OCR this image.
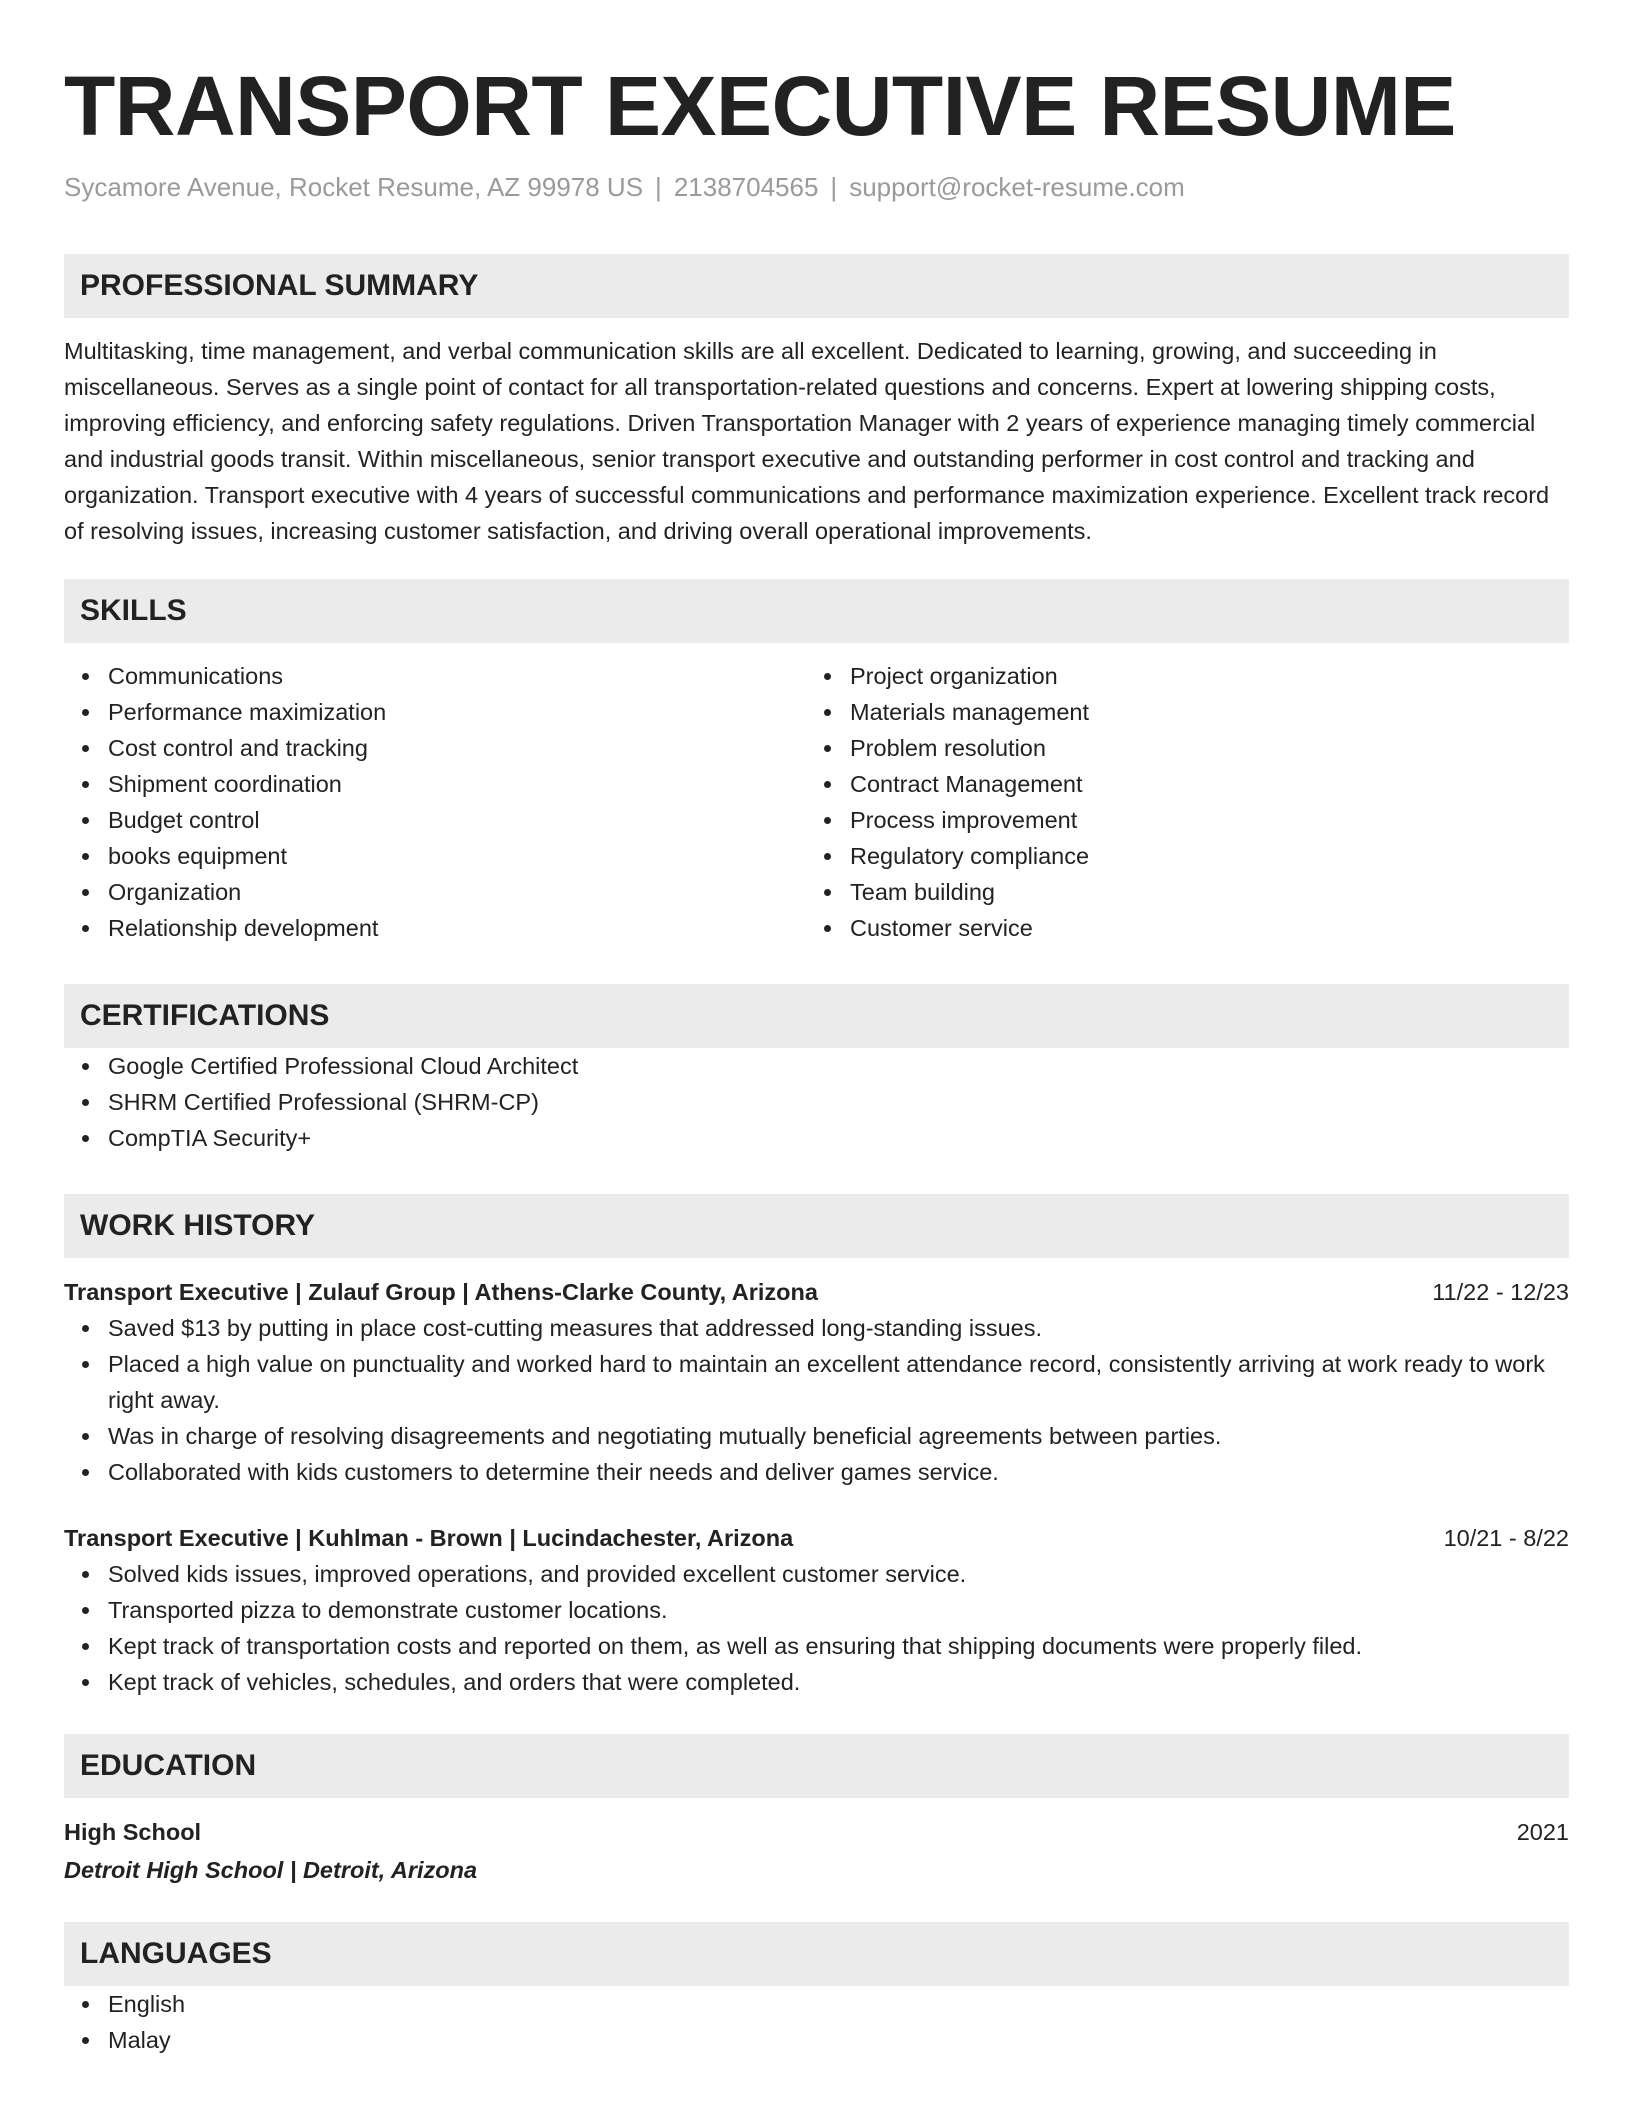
TRANSPORT EXECUTIVE RESUME
Sycamore Avenue, Rocket Resume, AZ 99978 US | 2138704565 | support@rocket-resume.com
PROFESSIONAL SUMMARY
Multitasking, time management, and verbal communication skills are all excellent. Dedicated to learning, growing, and succeeding in miscellaneous. Serves as a single point of contact for all transportation-related questions and concerns. Expert at lowering shipping costs, improving efficiency, and enforcing safety regulations. Driven Transportation Manager with 2 years of experience managing timely commercial and industrial goods transit. Within miscellaneous, senior transport executive and outstanding performer in cost control and tracking and organization. Transport executive with 4 years of successful communications and performance maximization experience. Excellent track record of resolving issues, increasing customer satisfaction, and driving overall operational improvements.
SKILLS
Communications
Performance maximization
Cost control and tracking
Shipment coordination
Budget control
books equipment
Organization
Relationship development
Project organization
Materials management
Problem resolution
Contract Management
Process improvement
Regulatory compliance
Team building
Customer service
CERTIFICATIONS
Google Certified Professional Cloud Architect
SHRM Certified Professional (SHRM-CP)
CompTIA Security+
WORK HISTORY
Transport Executive | Zulauf Group | Athens-Clarke County, Arizona	11/22 - 12/23
Saved $13 by putting in place cost-cutting measures that addressed long-standing issues.
Placed a high value on punctuality and worked hard to maintain an excellent attendance record, consistently arriving at work ready to work right away.
Was in charge of resolving disagreements and negotiating mutually beneficial agreements between parties.
Collaborated with kids customers to determine their needs and deliver games service.
Transport Executive | Kuhlman - Brown | Lucindachester, Arizona	10/21 - 8/22
Solved kids issues, improved operations, and provided excellent customer service.
Transported pizza to demonstrate customer locations.
Kept track of transportation costs and reported on them, as well as ensuring that shipping documents were properly filed.
Kept track of vehicles, schedules, and orders that were completed.
EDUCATION
High School	2021
Detroit High School | Detroit, Arizona
LANGUAGES
English
Malay
